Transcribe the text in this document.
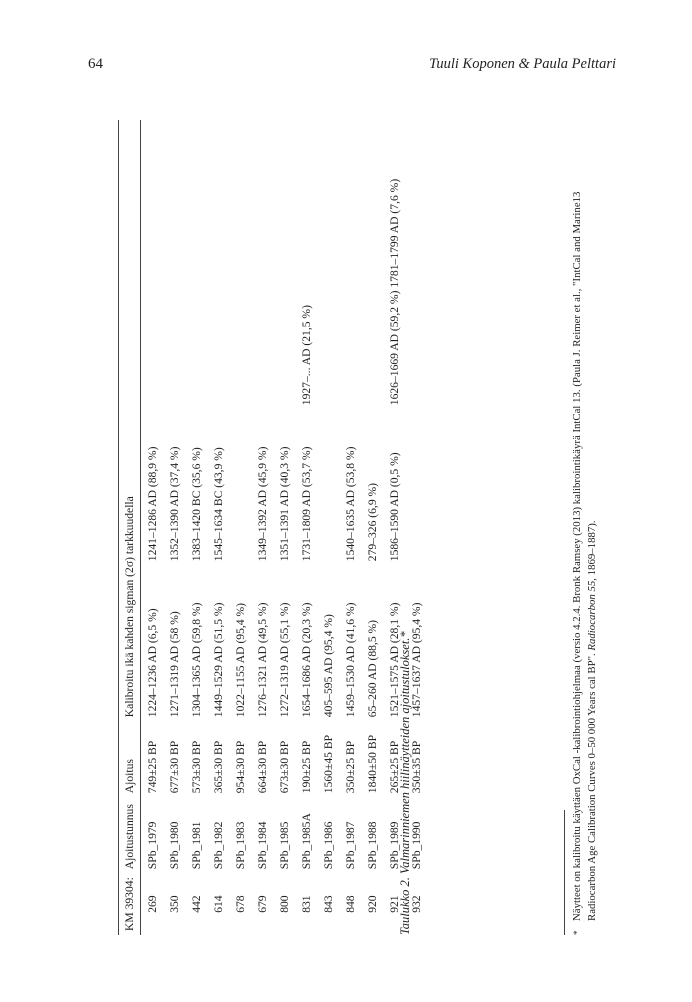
64	Tuuli Koponen & Paula Pelttari
KM 39304:	Ajoitustunnus	Ajoitus	Kalibroitu ikä kahden sigman (2σ) tarkkuudella		
269	SPb_1979	749±25 BP	1224–1236 AD (6,5 %)	1241–1286 AD (88,9 %)	
350	SPb_1980	677±30 BP	1271–1319 AD (58 %)	1352–1390 AD (37,4 %)	
442	SPb_1981	573±30 BP	1304–1365 AD (59,8 %)	1383–1420 BC (35,6 %)	
614	SPb_1982	365±30 BP	1449–1529 AD (51,5 %)	1545–1634 BC (43,9 %)	
678	SPb_1983	954±30 BP	1022–1155 AD (95,4 %)		
679	SPb_1984	664±30 BP	1276–1321 AD (49,5 %)	1349–1392 AD (45,9 %)	
800	SPb_1985	673±30 BP	1272–1319 AD (55,1 %)	1351–1391 AD (40,3 %)	
831	SPb_1985A	190±25 BP	1654–1686 AD (20,3 %)	1731–1809 AD (53,7 %)	1927–... AD (21,5 %)
843	SPb_1986	1560±45 BP	405–595 AD (95,4 %)		
848	SPb_1987	350±25 BP	1459–1530 AD (41,6 %)	1540–1635 AD (53,8 %)	
920	SPb_1988	1840±50 BP	65–260 AD (88,5 %)	279–326 (6,9 %)	
921	SPb_1989	265±25 BP	1521–1575 AD (28,1 %)	1586–1590 AD (0,5 %)	1626–1669 AD (59,2 %) 1781–1799 AD (7,6 %)
932	SPb_1990	350±35 BP	1457–1637 AD (95,4 %)		
Taulukko 2. Valmarinniemen hiilinäytteiden ajoitustulokset.*	*
Näytteet on kalibroitu käyttäen OxCal -kalibrointiohjelmaa (versio 4.2.4. Bronk Ramsey (2013) kalibrointikäyrä IntCal 13. (Paula J. Reimer et al., "IntCal and Marine13 Radiocarbon Age Calibration Curves 0–50 000 Years cal BP". Radiocarbon 55, 1869–1887).
